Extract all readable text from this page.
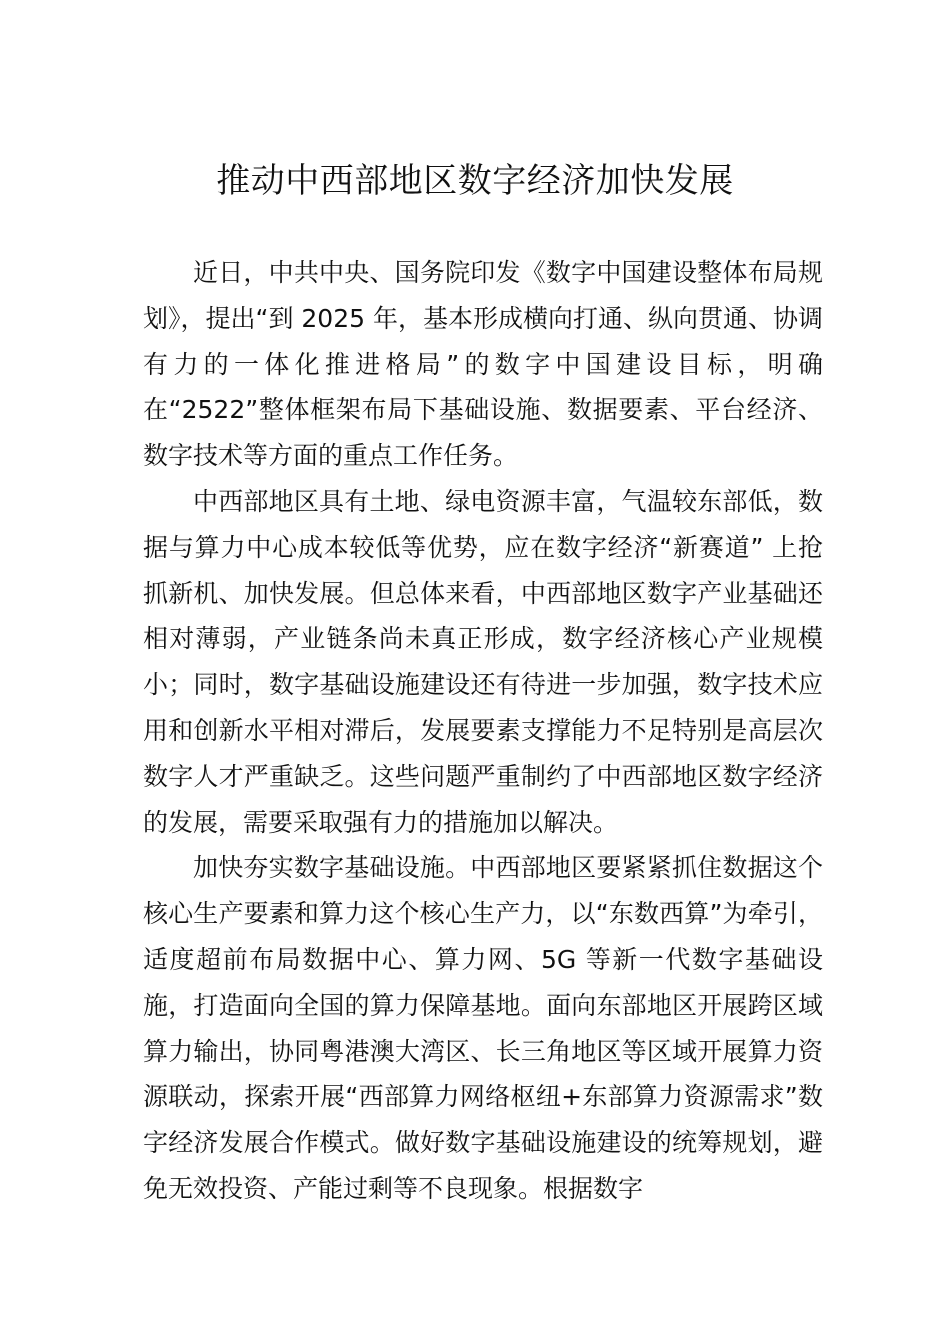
推动中西部地区数字经济加快发展

近日，中共中央、国务院印发《数字中国建设整体布局规划》，提出“到 2025 年，基本形成横向打通、纵向贯通、协调有力的一体化推进格局”的数字中国建设目标，明确在“2522”整体框架布局下基础设施、数据要素、平台经济、 数字技术等方面的重点工作任务。

中西部地区具有土地、绿电资源丰富，气温较东部低，数据与算力中心成本较低等优势，应在数字经济“新赛道” 上抢抓新机、加快发展。但总体来看，中西部地区数字产业基础还相对薄弱，产业链条尚未真正形成，数字经济核心产业规模小；同时，数字基础设施建设还有待进一步加强，数字技术应用和创新水平相对滞后，发展要素支撑能力不足特别是高层次数字人才严重缺乏。这些问题严重制约了中西部地区数字经济的发展，需要采取强有力的措施加以解决。

加快夯实数字基础设施。中西部地区要紧紧抓住数据这个核心生产要素和算力这个核心生产力，以“东数西算”为牵引，适度超前布局数据中心、算力网、5G 等新一代数字基础设施，打造面向全国的算力保障基地。面向东部地区开展跨区域算力输出，协同粤港澳大湾区、长三角地区等区域开展算力资源联动，探索开展“西部算力网络枢纽+东部算力资源需求”数字经济发展合作模式。做好数字基础设施建设的统筹规划，避免无效投资、产能过剩等不良现象。根据数字
